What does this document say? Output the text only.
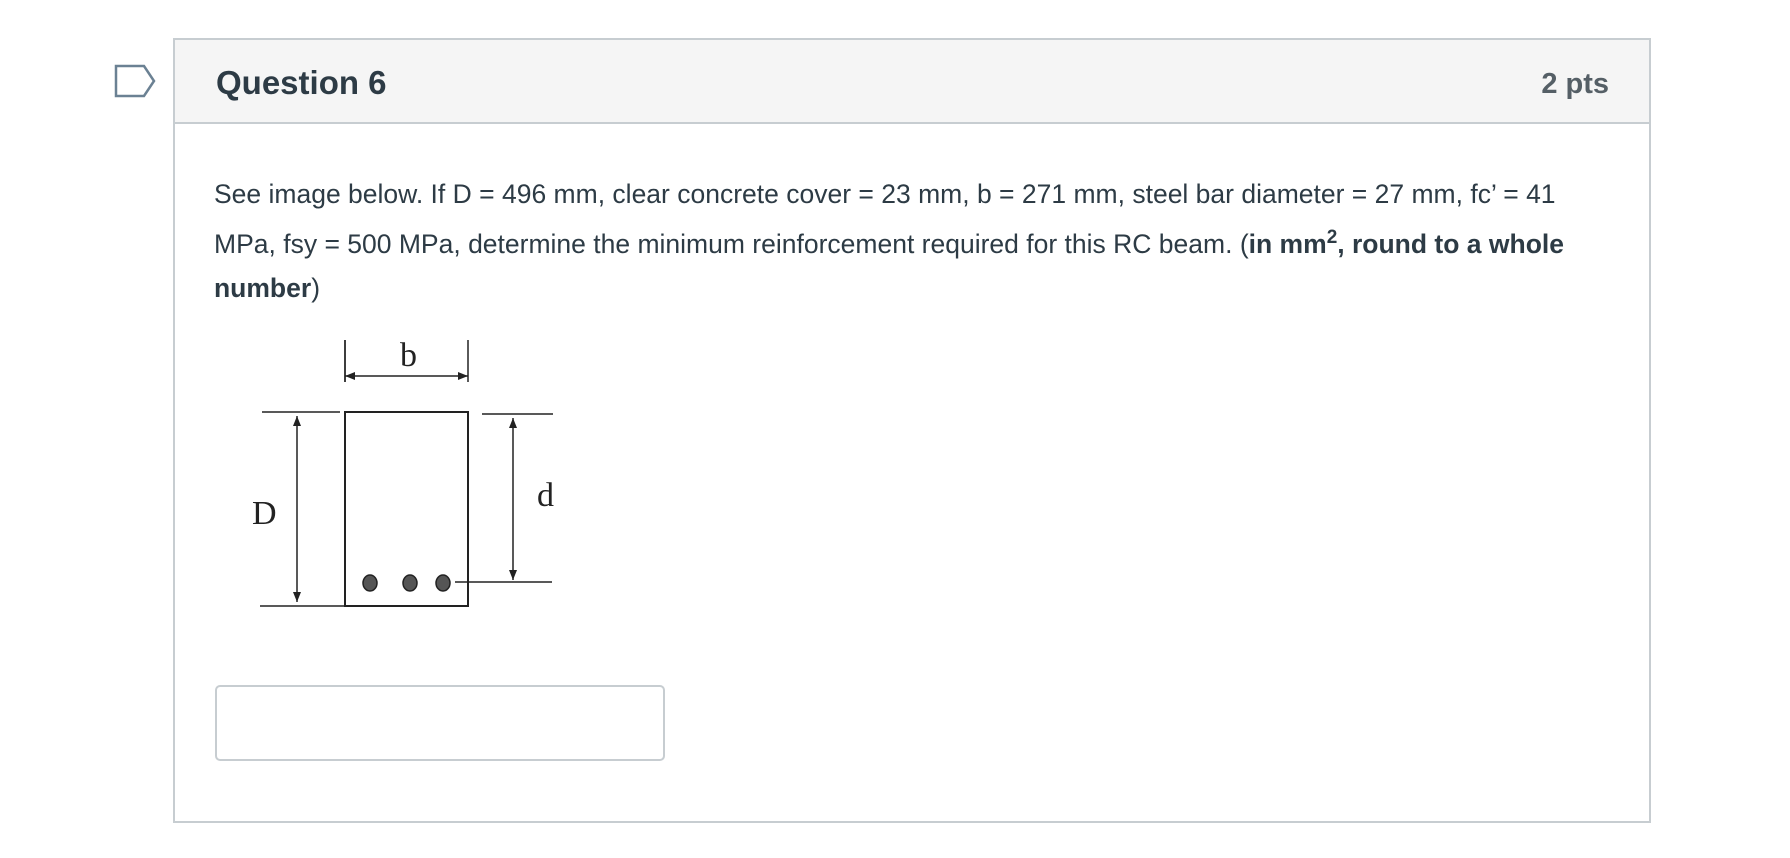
Question 6	2 pts

See image below. If D = 496 mm, clear concrete cover = 23 mm, b = 271 mm, steel bar diameter = 27 mm, fc’ = 41 MPa, fsy = 500 MPa, determine the minimum reinforcement required for this RC beam. (in $mm^2$, round to a whole number)

b
D	d
